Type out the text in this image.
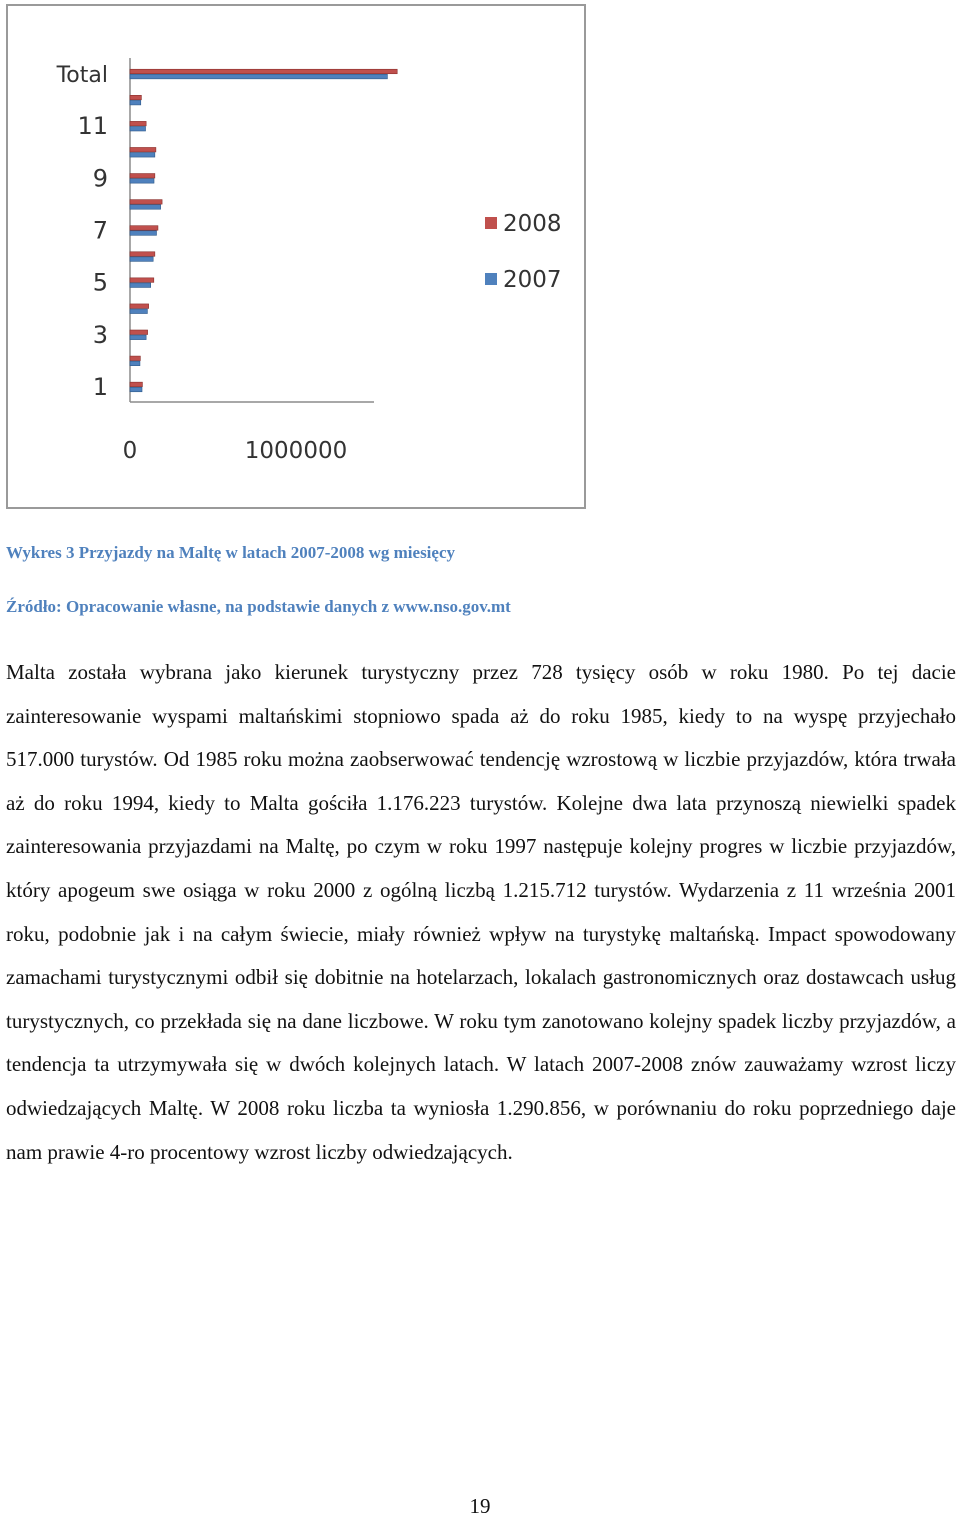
1
3
5
7
9
11
Total
0	1000000
2008
2007

Wykres 3 Przyjazdy na Maltę w latach 2007-2008 wg miesięcy

Źródło: Opracowanie własne, na podstawie danych z www.nso.gov.mt

Malta została wybrana jako kierunek turystyczny przez 728 tysięcy osób w roku 1980. Po tej dacie zainteresowanie wyspami maltańskimi stopniowo spada aż do roku 1985, kiedy to na wyspę przyjechało 517.000 turystów. Od 1985 roku można zaobserwować tendencję wzrostową w liczbie przyjazdów, która trwała aż do roku 1994, kiedy to Malta gościła 1.176.223 turystów. Kolejne dwa lata przynoszą niewielki spadek zainteresowania przyjazdami na Maltę, po czym w roku 1997 następuje kolejny progres w liczbie przyjazdów, który apogeum swe osiąga w roku 2000 z ogólną liczbą 1.215.712 turystów. Wydarzenia z 11 września 2001 roku, podobnie jak i na całym świecie, miały również wpływ na turystykę maltańską. Impact spowodowany zamachami turystycznymi odbił się dobitnie na hotelarzach, lokalach gastronomicznych oraz dostawcach usług turystycznych, co przekłada się na dane liczbowe. W roku tym zanotowano kolejny spadek liczby przyjazdów, a tendencja ta utrzymywała się w dwóch kolejnych latach. W latach 2007-2008 znów zauważamy wzrost liczy odwiedzających Maltę. W 2008 roku liczba ta wyniosła 1.290.856, w porównaniu do roku poprzedniego daje nam prawie 4-ro procentowy wzrost liczby odwiedzających.

19
